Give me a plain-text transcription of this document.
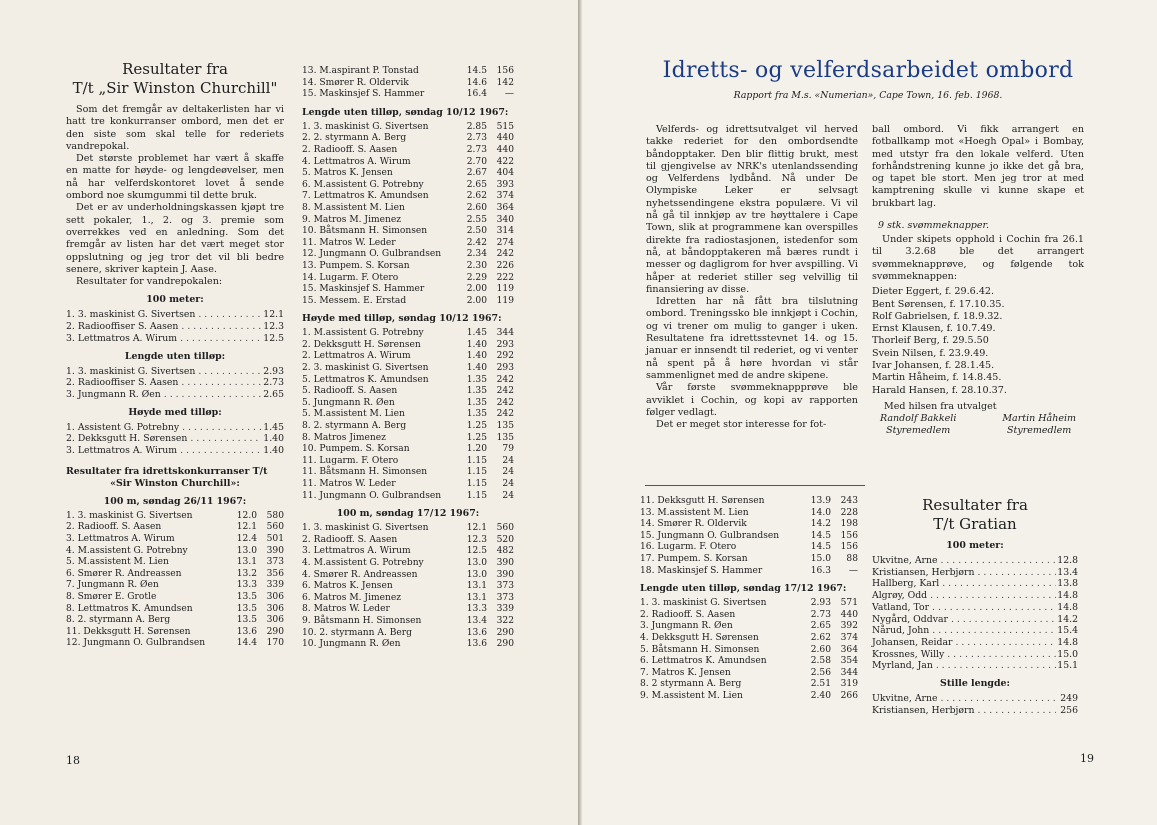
Resultater fra
T/t „Sir Winston Churchill"

Som det fremgår av deltakerlisten har vi hatt tre konkurranser ombord, men det er den siste som skal telle for rederiets vandrepokal.

Det største problemet har vært å skaffe en matte for høyde- og lengdeøvelser, men nå har velferdskontoret lovet å sende ombord noe skumgummi til dette bruk.

Det er av underholdningskassen kjøpt tre sett pokaler, 1., 2. og 3. premie som overrekkes ved en anledning. Som det fremgår av listen har det vært meget stor oppslutning og jeg tror det vil bli bedre senere, skriver kaptein J. Aase.

Resultater for vandrepokalen:

100 meter:
1. 3. maskinist G. Sivertsen . . .	12.1
2. Radiooffiser S. Aasen . . .	12.3
3. Lettmatros A. Wirum . . .	12.5
Lengde uten tilløp:
1. 3. maskinist G. Sivertsen . . .	2.93
2. Radiooffiser S. Aasen . . .	2.73
3. Jungmann R. Øen . . .	2.65
Høyde med tilløp:
1. Assistent G. Potrebny . . .	1.45
2. Dekksgutt H. Sørensen . . .	1.40
3. Lettmatros A. Wirum . . .	1.40
Resultater fra idrettskonkurranser T/t
«Sir Winston Churchill»:
100 m, søndag 26/11 1967:
1. 3. maskinist G. Sivertsen	12.0	580
2. Radiooff. S. Aasen	12.1	560
3. Lettmatros A. Wirum	12.4	501
4. M.assistent G. Potrebny	13.0	390
5. M.assistent M. Lien	13.1	373
6. Smører R. Andreassen	13.2	356
7. Jungmann R. Øen	13.3	339
8. Smører E. Grotle	13.5	306
8. Lettmatros K. Amundsen	13.5	306
8. 2. styrmann A. Berg	13.5	306
11. Dekksgutt H. Sørensen	13.6	290
12. Jungmann O. Gulbrandsen	14.4	170
13. M.aspirant P. Tonstad	14.5	156
14. Smører R. Oldervik	14.6	142
15. Maskinsjef S. Hammer	16.4	—
Lengde uten tilløp, søndag 10/12 1967:
1. 3. maskinist G. Sivertsen	2.85	515
2. 2. styrmann A. Berg	2.73	440
2. Radiooff. S. Aasen	2.73	440
4. Lettmatros A. Wirum	2.70	422
5. Matros K. Jensen	2.67	404
6. M.assistent G. Potrebny	2.65	393
7. Lettmatros K. Amundsen	2.62	374
8. M.assistent M. Lien	2.60	364
9. Matros M. Jimenez	2.55	340
10. Båtsmann H. Simonsen	2.50	314
11. Matros W. Leder	2.42	274
12. Jungmann O. Gulbrandsen	2.34	242
13. Pumpem. S. Korsan	2.30	226
14. Lugarm. F. Otero	2.29	222
15. Maskinsjef S. Hammer	2.00	119
15. Messem. E. Erstad	2.00	119
Høyde med tilløp, søndag 10/12 1967:
1. M.assistent G. Potrebny	1.45	344
2. Dekksgutt H. Sørensen	1.40	293
2. Lettmatros A. Wirum	1.40	292
2. 3. maskinist G. Sivertsen	1.40	293
5. Lettmatros K. Amundsen	1.35	242
5. Radiooff. S. Aasen	1.35	242
5. Jungmann R. Øen	1.35	242
5. M.assistent M. Lien	1.35	242
8. 2. styrmann A. Berg	1.25	135
8. Matros Jimenez	1.25	135
10. Pumpem. S. Korsan	1.20	79
11. Lugarm. F. Otero	1.15	24
11. Båtsmann H. Simonsen	1.15	24
11. Matros W. Leder	1.15	24
11. Jungmann O. Gulbrandsen	1.15	24
100 m, søndag 17/12 1967:
1. 3. maskinist G. Sivertsen	12.1	560
2. Radiooff. S. Aasen	12.3	520
3. Lettmatros A. Wirum	12.5	482
4. M.assistent G. Potrebny	13.0	390
4. Smører R. Andreassen	13.0	390
6. Matros K. Jensen	13.1	373
6. Matros M. Jimenez	13.1	373
8. Matros W. Leder	13.3	339
9. Båtsmann H. Simonsen	13.4	322
10. 2. styrmann A. Berg	13.6	290
10. Jungmann R. Øen	13.6	290
18
Idretts- og velferdsarbeidet ombord
Rapport fra M.s. «Numerian», Cape Town, 16. feb. 1968.

Velferds- og idrettsutvalget vil herved takke rederiet for den ombordsendte båndopptaker. Den blir flittig brukt, mest til gjengivelse av NRK's utenlandssending og Velferdens lydbånd. Nå under De Olympiske Leker er selvsagt nyhetssendingene ekstra populære. Vi vil nå gå til innkjøp av tre høyttalere i Cape Town, slik at programmene kan overspilles direkte fra radiostasjonen, istedenfor som nå, at båndopptakeren må bæres rundt i messer og dagligrom for hver avspilling. Vi håper at rederiet stiller seg velvillig til finansiering av disse.

Idretten har nå fått bra tilslutning ombord. Treningssko ble innkjøpt i Cochin, og vi trener om mulig to ganger i uken. Resultatene fra idrettsstevnet 14. og 15. januar er innsendt til rederiet, og vi venter nå spent på å høre hvordan vi står sammenlignet med de andre skipene.

Vår første svømmeknappprøve ble avviklet i Cochin, og kopi av rapporten følger vedlagt.

Det er meget stor interesse for fot-

ball ombord. Vi fikk arrangert en fotballkamp mot «Hoegh Opal» i Bombay, med utstyr fra den lokale velferd. Uten forhåndstrening kunne jo ikke det gå bra, og tapet ble stort. Men jeg tror at med kamptrening skulle vi kunne skape et brukbart lag.

9 stk. svømmeknapper.

Under skipets opphold i Cochin fra 26.1 til 3.2.68 ble det arrangert svømmeknapprøve, og følgende tok svømmeknappen:

Dieter Eggert, f. 29.6.42.
Bent Sørensen, f. 17.10.35.
Rolf Gabrielsen, f. 18.9.32.
Ernst Klausen, f. 10.7.49.
Thorleif Berg, f. 29.5.50
Svein Nilsen, f. 23.9.49.
Ivar Johansen, f. 28.1.45.
Martin Håheim, f. 14.8.45.
Harald Hansen, f. 28.10.37.
Med hilsen fra utvalget
Randolf Bakkeli
Styremedlem
Martin Håheim
Styremedlem
11. Dekksgutt H. Sørensen	13.9	243
13. M.assistent M. Lien	14.0	228
14. Smører R. Oldervik	14.2	198
15. Jungmann O. Gulbrandsen	14.5	156
16. Lugarm. F. Otero	14.5	156
17. Pumpem. S. Korsan	15.0	88
18. Maskinsjef S. Hammer	16.3	—
Lengde uten tilløp, søndag 17/12 1967:
1. 3. maskinist G. Sivertsen	2.93	571
2. Radiooff. S. Aasen	2.73	440
3. Jungmann R. Øen	2.65	392
4. Dekksgutt H. Sørensen	2.62	374
5. Båtsmann H. Simonsen	2.60	364
6. Lettmatros K. Amundsen	2.58	354
7. Matros K. Jensen	2.56	344
8. 2 styrmann A. Berg	2.51	319
9. M.assistent M. Lien	2.40	266
Resultater fra
T/t Gratian
100 meter:
Ukvitne, Arne . . .	12.8
Kristiansen, Herbjørn . . .	13.4
Hallberg, Karl . . .	13.8
Algrøy, Odd . . .	14.8
Vatland, Tor . . .	14.8
Nygård, Oddvar . . .	14.2
Nårud, John . . .	15.4
Johansen, Reidar . . .	14.8
Krossnes, Willy . . .	15.0
Myrland, Jan . . .	15.1
Stille lengde:
Ukvitne, Arne . . .	249
Kristiansen, Herbjørn . . .	256
19
